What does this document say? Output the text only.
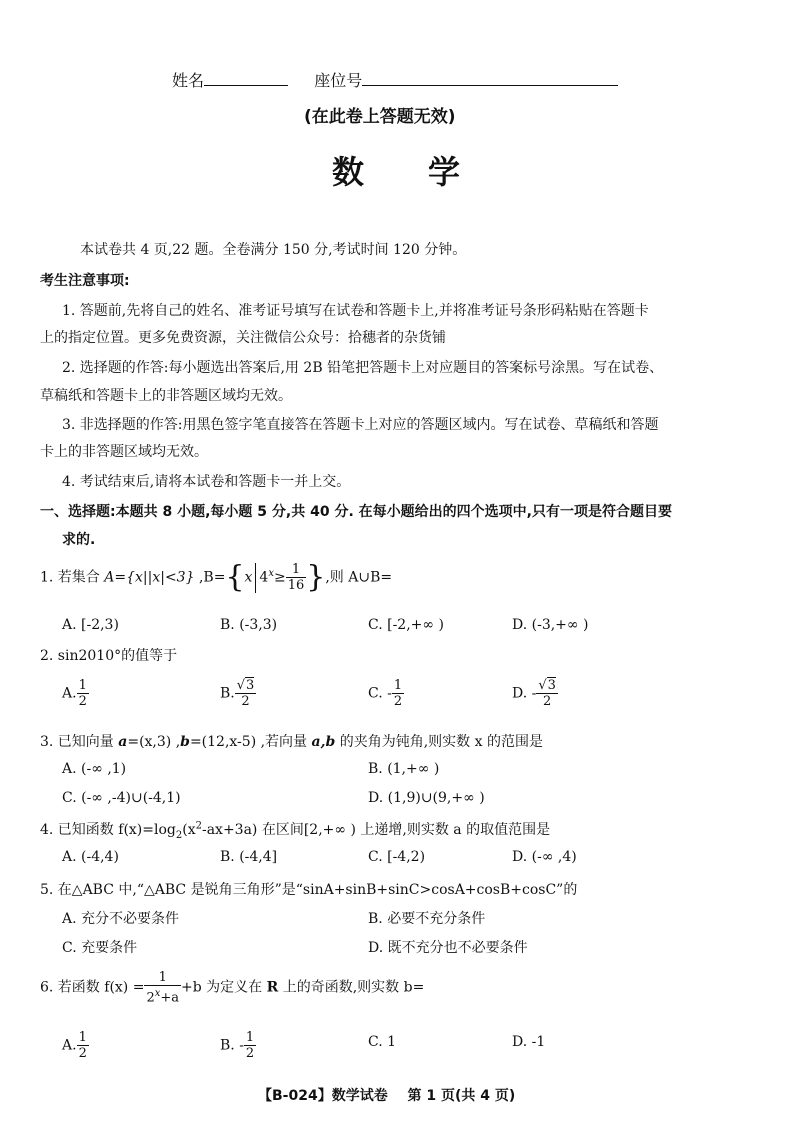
姓名	座位号
(在此卷上答题无效)
数　　学
本试卷共 4 页,22 题。全卷满分 150 分,考试时间 120 分钟。
考生注意事项:
1. 答题前,先将自己的姓名、准考证号填写在试卷和答题卡上,并将准考证号条形码粘贴在答题卡
上的指定位置。更多免费资源，关注微信公众号：拾穗者的杂货铺
2. 选择题的作答:每小题选出答案后,用 2B 铅笔把答题卡上对应题目的答案标号涂黑。写在试卷、
草稿纸和答题卡上的非答题区域均无效。
3. 非选择题的作答:用黑色签字笔直接答在答题卡上对应的答题区域内。写在试卷、草稿纸和答题
卡上的非答题区域均无效。
4. 考试结束后,请将本试卷和答题卡一并上交。
一、选择题:本题共 8 小题,每小题 5 分,共 40 分. 在每小题给出的四个选项中,只有一项是符合题目要
求的.
1. 若集合 A={x||x|<3} ,B={x $4^x\ge \frac{1}{16}$ },则 A∪B=
A. [-2,3)	B. (-3,3)	C. [-2,+∞ )	D. (-3,+∞ )
2. sin2010°的值等于
A. $\frac{1}{2}$	B. $\frac{√3}{2}$	C. - $\frac{1}{2}$	D. - $\frac{√3}{2}$
3. 已知向量 a=(x,3) ,b=(12,x-5) ,若向量 a,b 的夹角为钝角,则实数 x 的范围是
A. (-∞ ,1)	B. (1,+∞ )
C. (-∞ ,-4)∪(-4,1)	D. (1,9)∪(9,+∞ )
4. 已知函数 $f(x)=\log_2(x^2-ax+3a)$ 在区间[2,+∞ ) 上递增,则实数 a 的取值范围是
A. (-4,4)	B. (-4,4]	C. [-4,2)	D. (-∞ ,4)
5. 在△ABC 中,“△ABC 是锐角三角形”是“sinA+sinB+sinC>cosA+cosB+cosC”的
A. 充分不必要条件	B. 必要不充分条件
C. 充要条件	D. 既不充分也不必要条件
6. 若函数 $f(x) = \frac{1}{2^x+a} +b$ 为定义在 R 上的奇函数,则实数 b=
A. $\frac{1}{2}$	B. - $\frac{1}{2}$	C. 1	D. -1
【B-024】数学试卷 第 1 页(共 4 页)
